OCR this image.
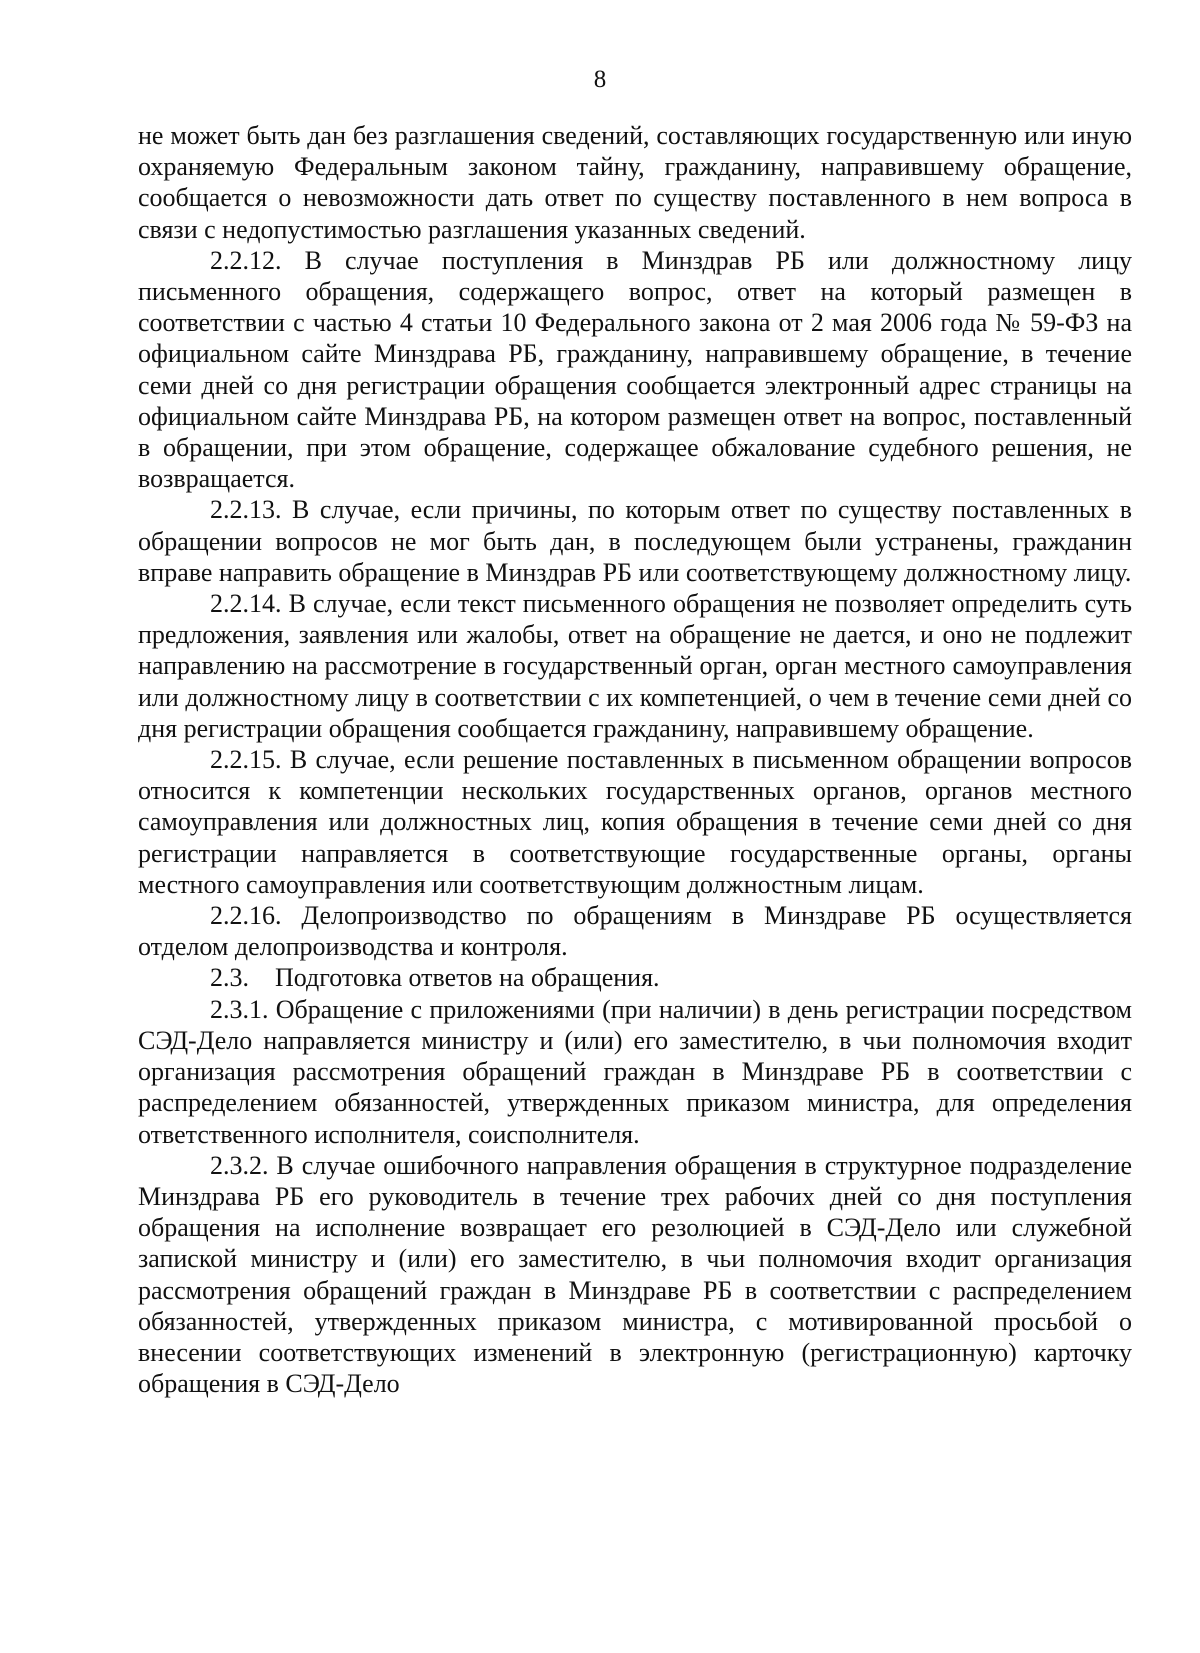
8

не может быть дан без разглашения сведений, составляющих государственную или иную охраняемую Федеральным законом тайну, гражданину, направившему обращение, сообщается о невозможности дать ответ по существу поставленного в нем вопроса в связи с недопустимостью разглашения указанных сведений.

2.2.12. В случае поступления в Минздрав РБ или должностному лицу письменного обращения, содержащего вопрос, ответ на который размещен в соответствии с частью 4 статьи 10 Федерального закона от 2 мая 2006 года № 59-ФЗ на официальном сайте Минздрава РБ, гражданину, направившему обращение, в течение семи дней со дня регистрации обращения сообщается электронный адрес страницы на официальном сайте Минздрава РБ, на котором размещен ответ на вопрос, поставленный в обращении, при этом обращение, содержащее обжалование судебного решения, не возвращается.

2.2.13. В случае, если причины, по которым ответ по существу поставленных в обращении вопросов не мог быть дан, в последующем были устранены, гражданин вправе направить обращение в Минздрав РБ или соответствующему должностному лицу.

2.2.14. В случае, если текст письменного обращения не позволяет определить суть предложения, заявления или жалобы, ответ на обращение не дается, и оно не подлежит направлению на рассмотрение в государственный орган, орган местного самоуправления или должностному лицу в соответствии с их компетенцией, о чем в течение семи дней со дня регистрации обращения сообщается гражданину, направившему обращение.

2.2.15. В случае, если решение поставленных в письменном обращении вопросов относится к компетенции нескольких государственных органов, органов местного самоуправления или должностных лиц, копия обращения в течение семи дней со дня регистрации направляется в соответствующие государственные органы, органы местного самоуправления или соответствующим должностным лицам.

2.2.16. Делопроизводство по обращениям в Минздраве РБ осуществляется отделом делопроизводства и контроля.

2.3.    Подготовка ответов на обращения.

2.3.1. Обращение с приложениями (при наличии) в день регистрации посредством СЭД-Дело направляется министру и (или) его заместителю, в чьи полномочия входит организация рассмотрения обращений граждан в Минздраве РБ в соответствии с распределением обязанностей, утвержденных приказом министра, для определения ответственного исполнителя, соисполнителя.

2.3.2. В случае ошибочного направления обращения в структурное подразделение Минздрава РБ его руководитель в течение трех рабочих дней со дня поступления обращения на исполнение возвращает его резолюцией в СЭД-Дело или служебной запиской министру и (или) его заместителю, в чьи полномочия входит организация рассмотрения обращений граждан в Минздраве РБ в соответствии с распределением обязанностей, утвержденных приказом министра, с мотивированной просьбой о внесении соответствующих изменений в электронную (регистрационную) карточку обращения в СЭД-Дело
